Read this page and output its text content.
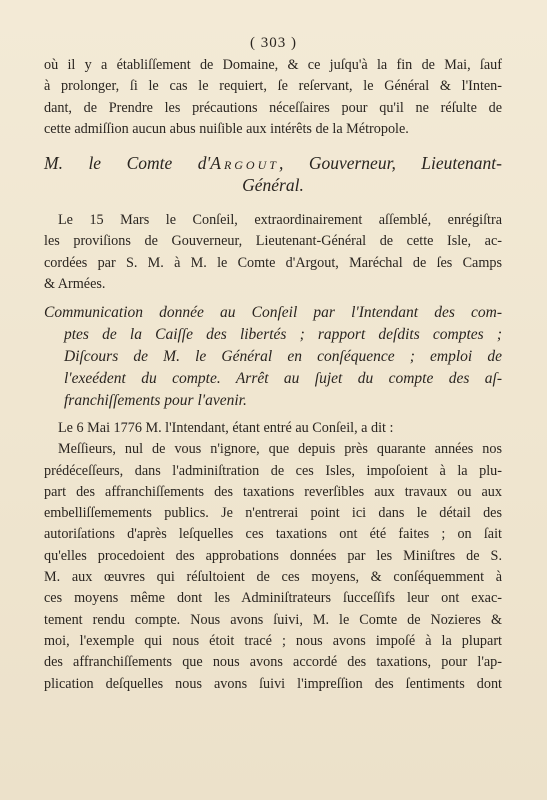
( 303 )
où il y a établiſſement de Domaine, & ce juſqu'à la fin de Mai, ſauf
à prolonger, ſi le cas le requiert, ſe reſervant, le Général & l'Inten-
dant, de Prendre les précautions néceſſaires pour qu'il ne réſulte de
cette admiſſion aucun abus nuiſible aux intérêts de la Métropole.
M. le Comte d'Argout, Gouverneur, Lieutenant-
Général.
Le 15 Mars le Conſeil, extraordinairement aſſemblé, enrégiſtra
les proviſions de Gouverneur, Lieutenant-Général de cette Isle, ac-
cordées par S. M. à M. le Comte d'Argout, Maréchal de ſes Camps
& Armées.
Communication donnée au Conſeil par l'Intendant des com-
ptes de la Caiſſe des libertés ; rapport deſdits comptes ;
Diſcours de M. le Général en conſéquence ; emploi de
l'exeédent du compte. Arrêt au ſujet du compte des aſ-
franchiſſements pour l'avenir.
Le 6 Mai 1776 M. l'Intendant, étant entré au Conſeil, a dit :
Meſſieurs, nul de vous n'ignore, que depuis près quarante années nos
prédéceſſeurs, dans l'adminiſtration de ces Isles, impoſoient à la plu-
part des affranchiſſements des taxations reverſibles aux travaux ou aux
embelliſſemements publics. Je n'entrerai point ici dans le détail des
autoriſations d'après leſquelles ces taxations ont été faites ; on ſait
qu'elles procedoient des approbations données par les Miniſtres de S.
M. aux œuvres qui réſultoient de ces moyens, & conſéquemment à
ces moyens même dont les Adminiſtrateurs ſucceſſifs leur ont exac-
tement rendu compte. Nous avons ſuivi, M. le Comte de Nozieres &
moi, l'exemple qui nous étoit tracé ; nous avons impoſé à la plupart
des affranchiſſements que nous avons accordé des taxations, pour l'ap-
plication deſquelles nous avons ſuivi l'impreſſion des ſentiments dont
